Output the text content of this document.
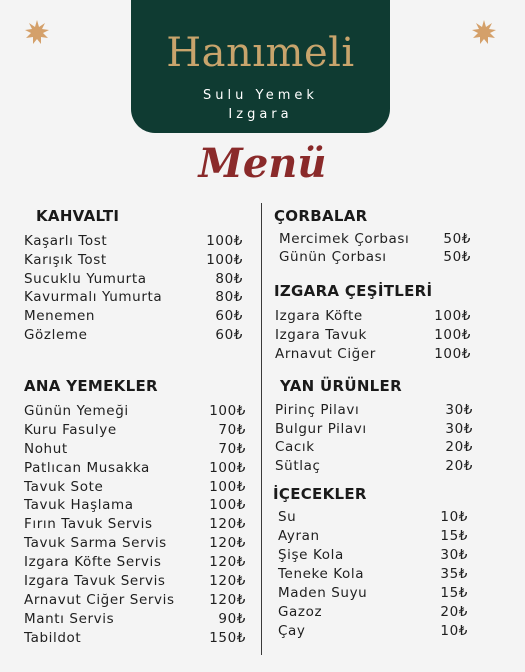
Hanımeli
Sulu Yemek
Izgara
Menü
KAHVALTI
Kaşarlı Tost	100₺
Karışık Tost	100₺
Sucuklu Yumurta	80₺
Kavurmalı Yumurta	80₺
Menemen	60₺
Gözleme	60₺
ANA YEMEKLER
Günün Yemeği	100₺
Kuru Fasulye	70₺
Nohut	70₺
Patlıcan Musakka	100₺
Tavuk Sote	100₺
Tavuk Haşlama	100₺
Fırın Tavuk Servis	120₺
Tavuk Sarma Servis	120₺
Izgara Köfte Servis	120₺
Izgara Tavuk Servis	120₺
Arnavut Ciğer Servis	120₺
Mantı Servis	90₺
Tabildot	150₺
ÇORBALAR
Mercimek Çorbası	50₺
Günün Çorbası	50₺
IZGARA ÇEŞİTLERİ
Izgara Köfte	100₺
Izgara Tavuk	100₺
Arnavut Ciğer	100₺
YAN ÜRÜNLER
Pirinç Pilavı	30₺
Bulgur Pilavı	30₺
Cacık	20₺
Sütlaç	20₺
İÇECEKLER
Su	10₺
Ayran	15₺
Şişe Kola	30₺
Teneke Kola	35₺
Maden Suyu	15₺
Gazoz	20₺
Çay	10₺
